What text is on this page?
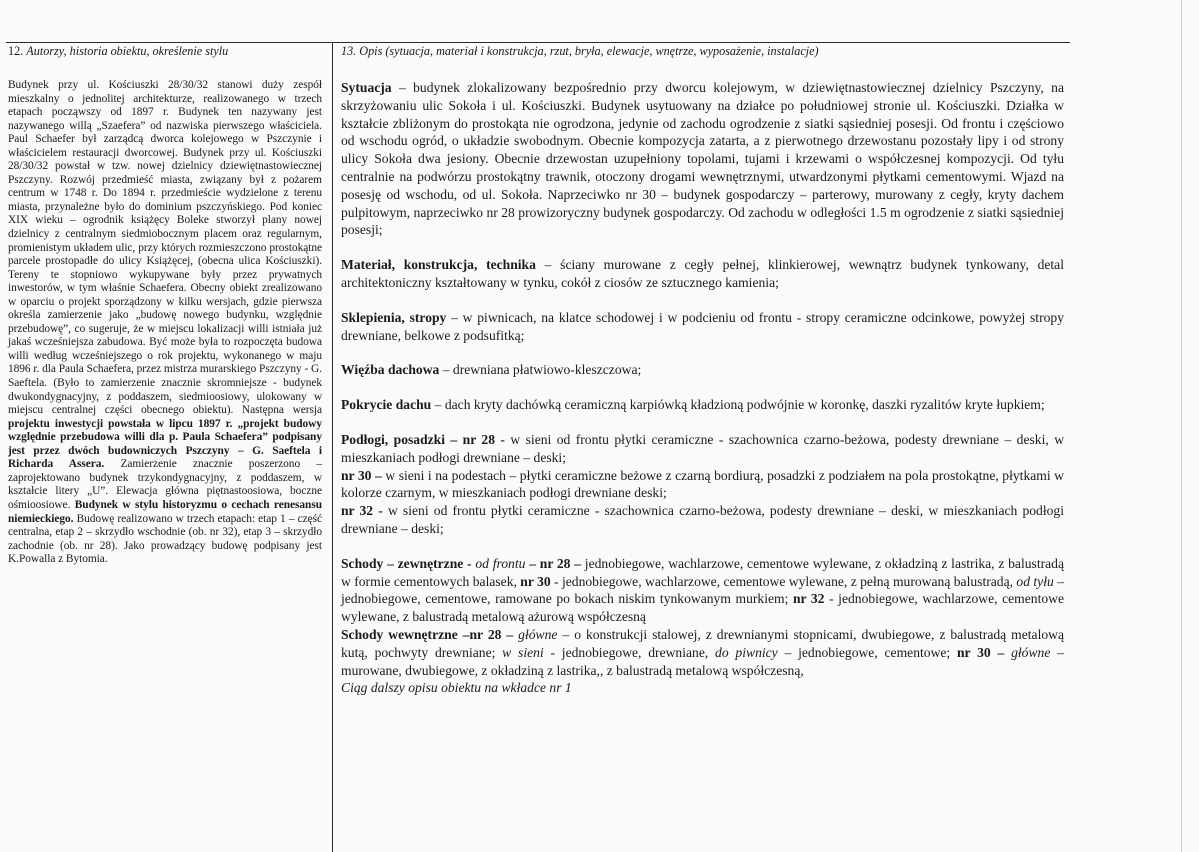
12. Autorzy, historia obiektu, określenie stylu	13. Opis (sytuacja, materiał i konstrukcja, rzut, bryła, elewacje, wnętrze, wyposażenie, instalacje)

Budynek przy ul. Kościuszki 28/30/32 stanowi duży zespół mieszkalny o jednolitej architekturze, realizowanego w trzech etapach począwszy od 1897 r. Budynek ten nazywany jest nazywanego willą „Szaefera” od nazwiska pierwszego właściciela. Paul Schaefer był zarządcą dworca kolejowego w Pszczynie i właścicielem restauracji dworcowej. Budynek przy ul. Kościuszki 28/30/32 powstał w tzw. nowej dzielnicy dziewiętnastowiecznej Pszczyny. Rozwój przedmieść miasta, związany był z pożarem centrum w 1748 r. Do 1894 r. przedmieście wydzielone z terenu miasta, przynależne było do dominium pszczyńskiego. Pod koniec XIX wieku – ogrodnik książęcy Boleke stworzył plany nowej dzielnicy z centralnym siedmiobocznym placem oraz regularnym, promienistym układem ulic, przy których rozmieszczono prostokątne parcele prostopadłe do ulicy Książęcej, (obecna ulica Kościuszki). Tereny te stopniowo wykupywane były przez prywatnych inwestorów, w tym właśnie Schaefera. Obecny obiekt zrealizowano w oparciu o projekt sporządzony w kilku wersjach, gdzie pierwsza określa zamierzenie jako „budowę nowego budynku, względnie przebudowę”, co sugeruje, że w miejscu lokalizacji willi istniała już jakaś wcześniejsza zabudowa. Być może była to rozpoczęta budowa willi według wcześniejszego o rok projektu, wykonanego w maju 1896 r. dla Paula Schaefera, przez mistrza murarskiego Pszczyny - G. Saeftela. (Było to zamierzenie znacznie skromniejsze - budynek dwukondygnacyjny, z poddaszem, siedmioosiowy, ulokowany w miejscu centralnej części obecnego obiektu). Następna wersja projektu inwestycji powstała w lipcu 1897 r. „projekt budowy względnie przebudowa willi dla p. Paula Schaefera” podpisany jest przez dwóch budowniczych Pszczyny – G. Saeftela i Richarda Assera. Zamierzenie znacznie poszerzono – zaprojektowano budynek trzykondygnacyjny, z poddaszem, w kształcie litery „U”. Elewacja główna piętnastoosiowa, boczne ośmioosiowe. Budynek w stylu historyzmu o cechach renesansu niemieckiego. Budowę realizowano w trzech etapach: etap 1 – część centralna, etap 2 – skrzydło wschodnie (ob. nr 32), etap 3 – skrzydło zachodnie (ob. nr 28). Jako prowadzący budowę podpisany jest K.Powalla z Bytomia.

Sytuacja – budynek zlokalizowany bezpośrednio przy dworcu kolejowym, w dziewiętnastowiecznej dzielnicy Pszczyny, na skrzyżowaniu ulic Sokoła i ul. Kościuszki. Budynek usytuowany na działce po południowej stronie ul. Kościuszki. Działka w kształcie zbliżonym do prostokąta nie ogrodzona, jedynie od zachodu ogrodzenie z siatki sąsiedniej posesji. Od frontu i częściowo od wschodu ogród, o układzie swobodnym. Obecnie kompozycja zatarta, a z pierwotnego drzewostanu pozostały lipy i od strony ulicy Sokoła dwa jesiony. Obecnie drzewostan uzupełniony topolami, tujami i krzewami o współczesnej kompozycji. Od tyłu centralnie na podwórzu prostokątny trawnik, otoczony drogami wewnętrznymi, utwardzonymi płytkami cementowymi. Wjazd na posesję od wschodu, od ul. Sokoła. Naprzeciwko nr 30 – budynek gospodarczy – parterowy, murowany z cegły, kryty dachem pulpitowym, naprzeciwko nr 28 prowizoryczny budynek gospodarczy. Od zachodu w odległości 1.5 m ogrodzenie z siatki sąsiedniej posesji;

Materiał, konstrukcja, technika – ściany murowane z cegły pełnej, klinkierowej, wewnątrz budynek tynkowany, detal architektoniczny kształtowany w tynku, cokół z ciosów ze sztucznego kamienia;

Sklepienia, stropy – w piwnicach, na klatce schodowej i w podcieniu od frontu - stropy ceramiczne odcinkowe, powyżej stropy drewniane, belkowe z podsufitką;

Więźba dachowa – drewniana płatwiowo-kleszczowa;

Pokrycie dachu – dach kryty dachówką ceramiczną karpiówką kładzioną podwójnie w koronkę, daszki ryzalitów kryte łupkiem;

Podłogi, posadzki – nr 28 - w sieni od frontu płytki ceramiczne - szachownica czarno-beżowa, podesty drewniane – deski, w mieszkaniach podłogi drewniane – deski;

nr 30 – w sieni i na podestach – płytki ceramiczne beżowe z czarną bordiurą, posadzki z podziałem na pola prostokątne, płytkami w kolorze czarnym, w mieszkaniach podłogi drewniane deski;

nr 32 - w sieni od frontu płytki ceramiczne - szachownica czarno-beżowa, podesty drewniane – deski, w mieszkaniach podłogi drewniane – deski;

Schody – zewnętrzne - od frontu – nr 28 – jednobiegowe, wachlarzowe, cementowe wylewane, z okładziną z lastrika, z balustradą w formie cementowych balasek, nr 30 - jednobiegowe, wachlarzowe, cementowe wylewane, z pełną murowaną balustradą, od tyłu – jednobiegowe, cementowe, ramowane po bokach niskim tynkowanym murkiem; nr 32 - jednobiegowe, wachlarzowe, cementowe wylewane, z balustradą metalową ażurową współczesną

Schody wewnętrzne –nr 28 – główne – o konstrukcji stalowej, z drewnianymi stopnicami, dwubiegowe, z balustradą metalową kutą, pochwyty drewniane; w sieni - jednobiegowe, drewniane, do piwnicy – jednobiegowe, cementowe; nr 30 – główne – murowane, dwubiegowe, z okładziną z lastrika,, z balustradą metalową współczesną,

Ciąg dalszy opisu obiektu na wkładce nr 1
